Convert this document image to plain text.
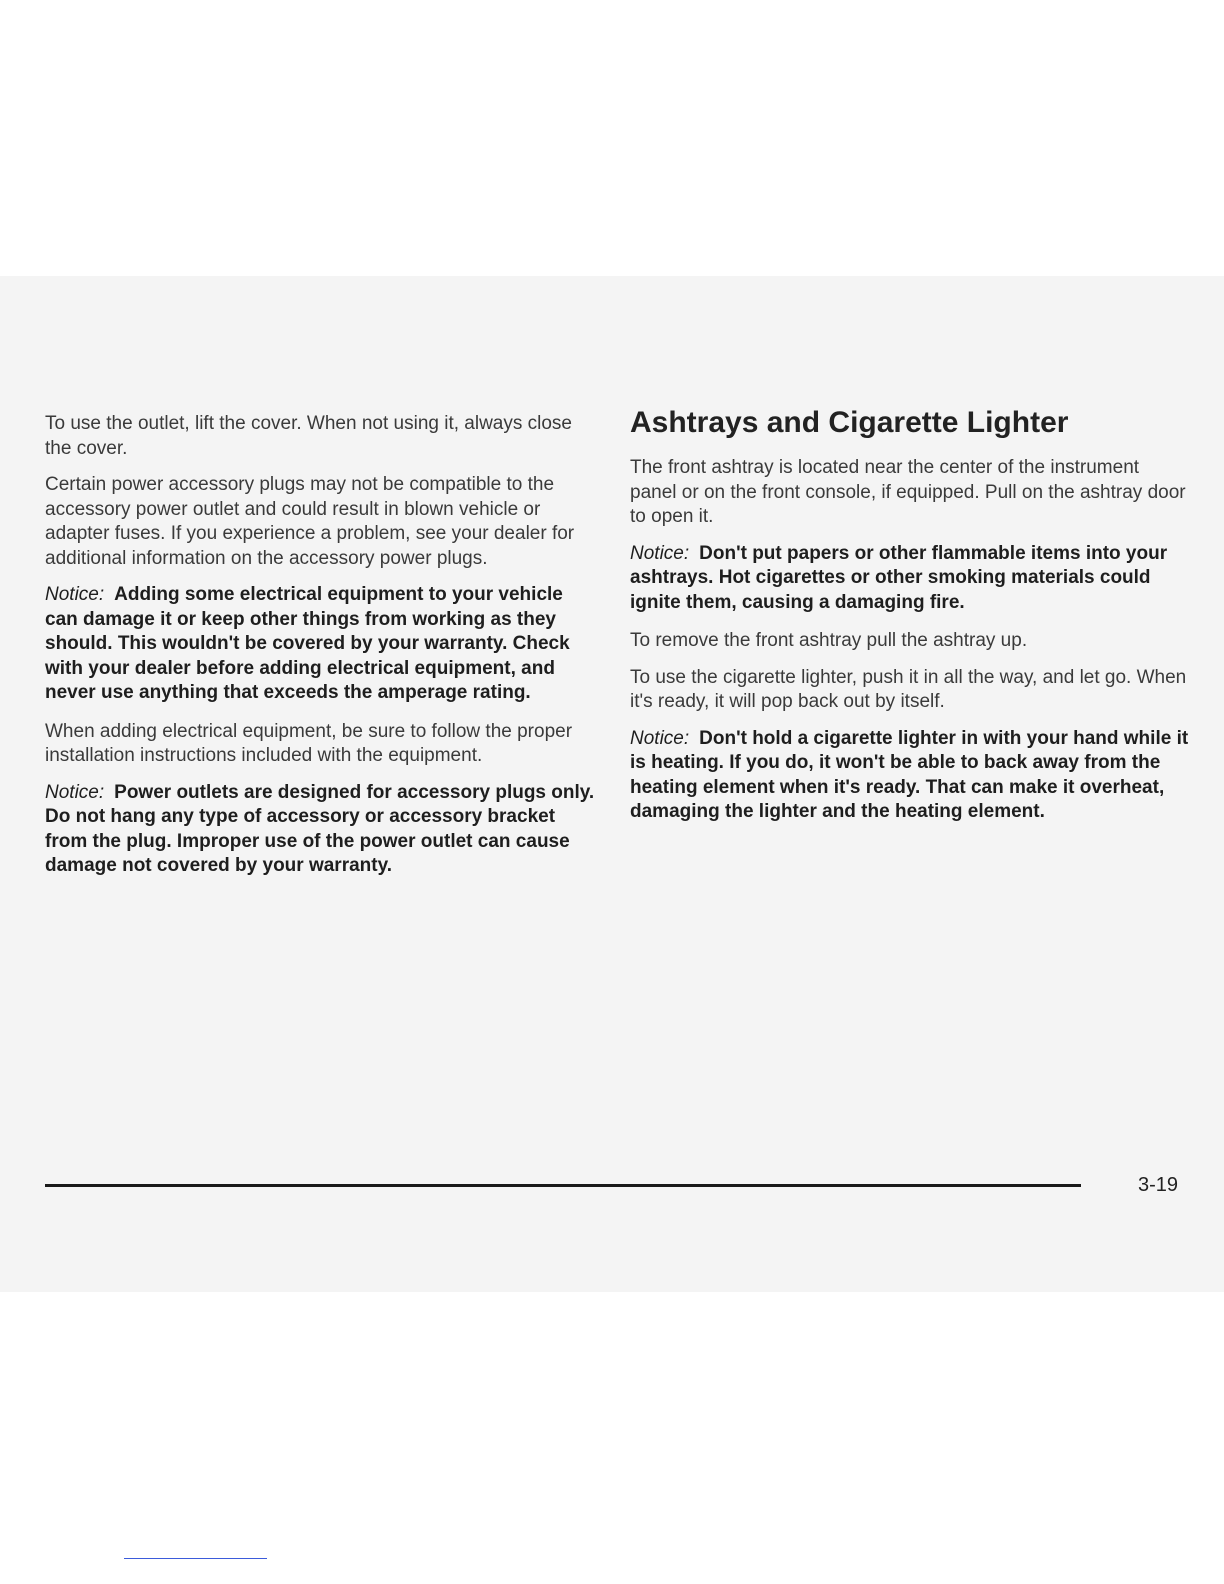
To use the outlet, lift the cover. When not using it, always close the cover.

Certain power accessory plugs may not be compatible to the accessory power outlet and could result in blown vehicle or adapter fuses. If you experience a problem, see your dealer for additional information on the accessory power plugs.

Notice: Adding some electrical equipment to your vehicle can damage it or keep other things from working as they should. This wouldn't be covered by your warranty. Check with your dealer before adding electrical equipment, and never use anything that exceeds the amperage rating.

When adding electrical equipment, be sure to follow the proper installation instructions included with the equipment.

Notice: Power outlets are designed for accessory plugs only. Do not hang any type of accessory or accessory bracket from the plug. Improper use of the power outlet can cause damage not covered by your warranty.

Ashtrays and Cigarette Lighter

The front ashtray is located near the center of the instrument panel or on the front console, if equipped. Pull on the ashtray door to open it.

Notice: Don't put papers or other flammable items into your ashtrays. Hot cigarettes or other smoking materials could ignite them, causing a damaging fire.

To remove the front ashtray pull the ashtray up.

To use the cigarette lighter, push it in all the way, and let go. When it's ready, it will pop back out by itself.

Notice: Don't hold a cigarette lighter in with your hand while it is heating. If you do, it won't be able to back away from the heating element when it's ready. That can make it overheat, damaging the lighter and the heating element.

3-19
